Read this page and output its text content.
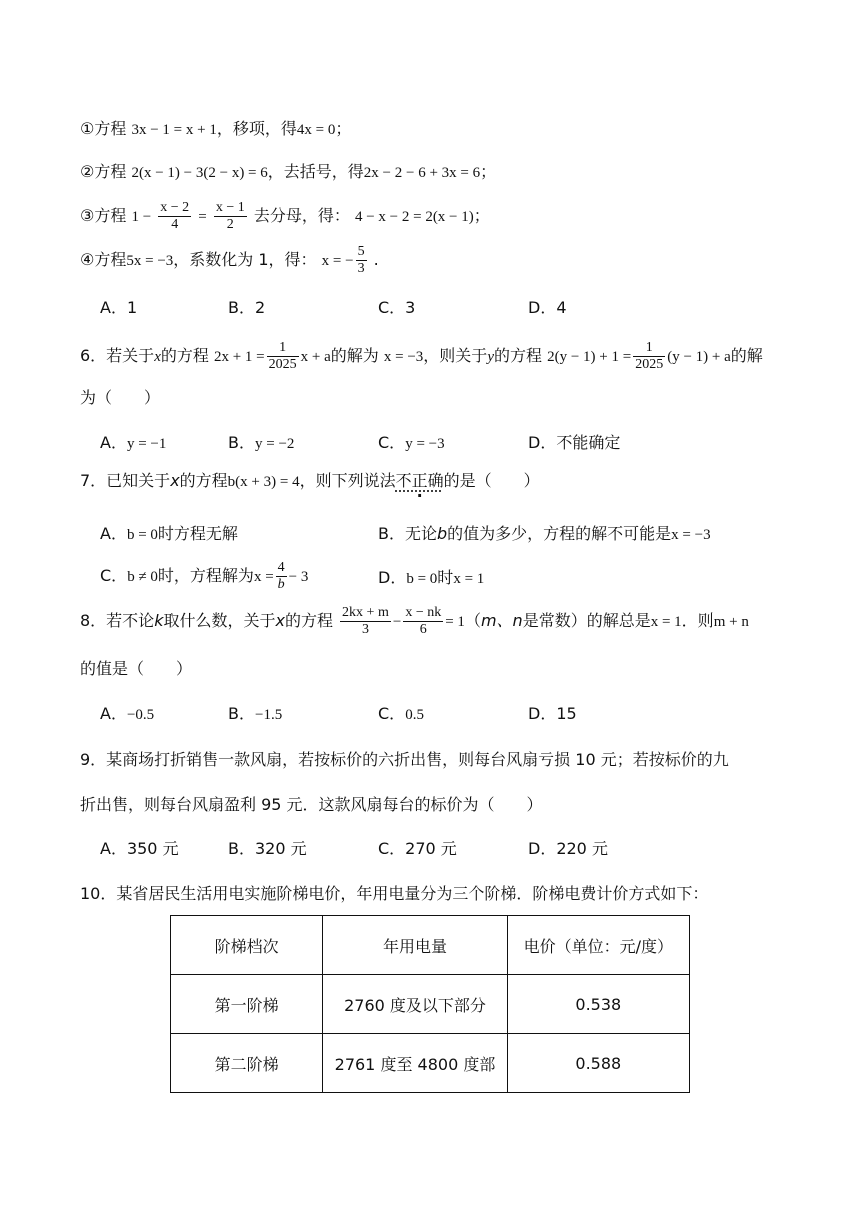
①方程 3x − 1 = x + 1，移项，得4x = 0；
②方程 2(x − 1) − 3(2 − x) = 6，去括号，得2x − 2 − 6 + 3x = 6；
③方程 $1 - \frac{x - 2}{4} = \frac{x - 1}{2}$ 去分母，得： 4 − x − 2 = 2(x − 1)；
④方程5x = −3，系数化为 1，得： x = − $\frac{5}{3}$ .
A．1	B．2	C．3	D．4
6．若关于x的方程 $2x + 1 = \frac{1}{2025}$ x + a的解为 x = −3，则关于y的方程 $2(y - 1) + 1 = \frac{1}{2025} (y - 1) + a$的解
为（　　）
A．y = −1	B．y = −2	C．y = −3	D．不能确定
7．已知关于x的方程b(x + 3) = 4，则下列说法不正确的是（　　）
A．b = 0时方程无解	B．无论b的值为多少，方程的解不可能是x = −3
C．b ≠ 0时，方程解为$x = \frac{4}{b} - 3$	D．b = 0时x = 1
8．若不论k取什么数，关于x的方程 $\frac{2kx + m}{3} - \frac{x - nk}{6} = 1(m$、n是常数）的解总是x = 1．则m + n
的值是（　　）
A．−0.5	B．−1.5	C．0.5	D．15
9．某商场打折销售一款风扇，若按标价的六折出售，则每台风扇亏损 10 元；若按标价的九
折出售，则每台风扇盈利 95 元．这款风扇每台的标价为（　　）
A．350 元	B．320 元	C．270 元	D．220 元
10．某省居民生活用电实施阶梯电价，年用电量分为三个阶梯．阶梯电费计价方式如下：
阶梯档次	年用电量	电价（单位：元/度）
第一阶梯	2760 度及以下部分	0.538
第二阶梯	2761 度至 4800 度部	0.588
